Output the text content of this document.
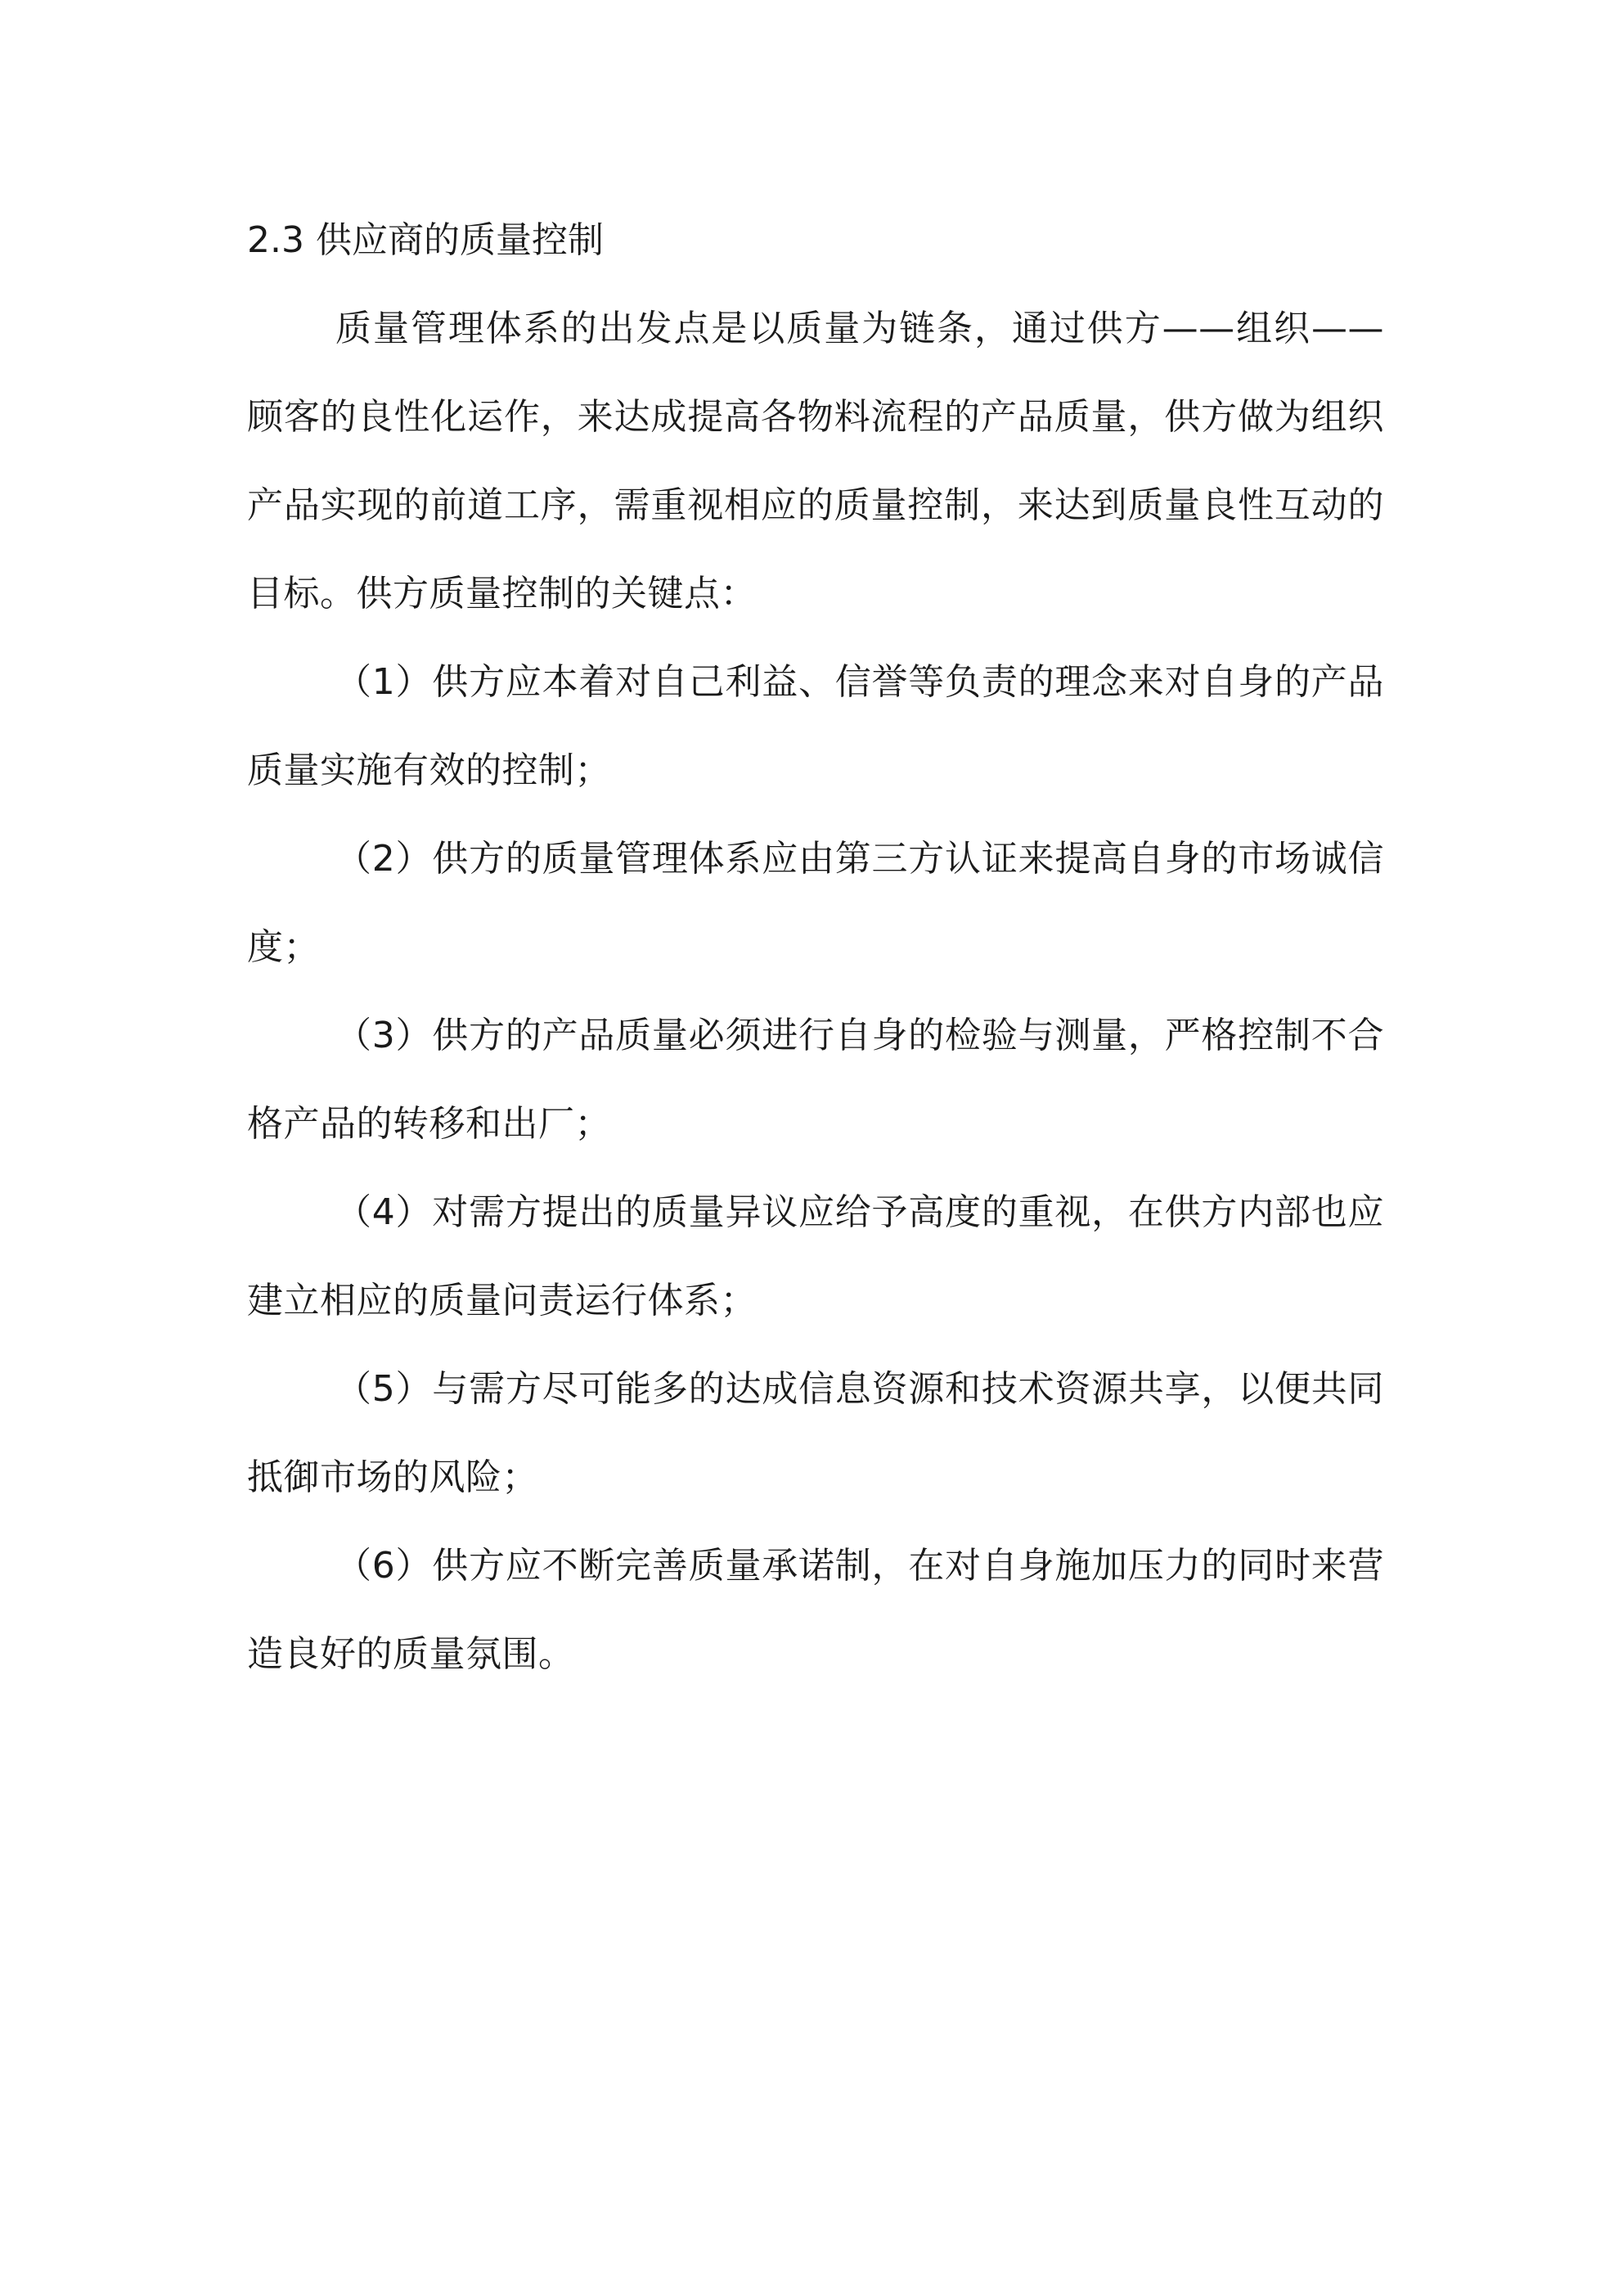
2.3 供应商的质量控制

质量管理体系的出发点是以质量为链条，通过供方——组织——顾客的良性化运作，来达成提高各物料流程的产品质量，供方做为组织产品实现的前道工序，需重视相应的质量控制，来达到质量良性互动的目标。供方质量控制的关键点：

（1）供方应本着对自己利益、信誉等负责的理念来对自身的产品质量实施有效的控制；

（2）供方的质量管理体系应由第三方认证来提高自身的市场诚信度；

（3）供方的产品质量必须进行自身的检验与测量，严格控制不合格产品的转移和出厂；

（4）对需方提出的质量异议应给予高度的重视，在供方内部也应建立相应的质量问责运行体系；

（5）与需方尽可能多的达成信息资源和技术资源共享，以便共同抵御市场的风险；

（6）供方应不断完善质量承诺制，在对自身施加压力的同时来营造良好的质量氛围。
